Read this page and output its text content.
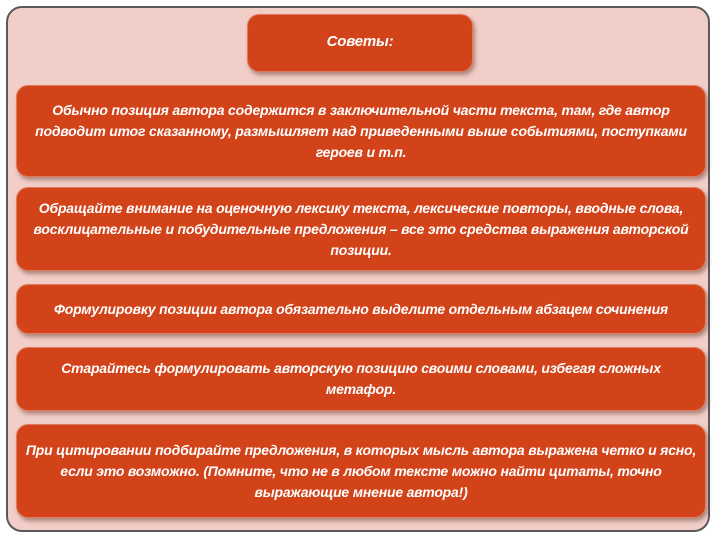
Советы:
Обычно позиция автора содержится в заключительной части текста, там, где автор подводит итог сказанному, размышляет над приведенными выше событиями, поступками героев и т.п.
Обращайте внимание на оценочную лексику текста, лексические повторы, вводные слова, восклицательные и побудительные предложения – все это средства выражения авторской позиции.
Формулировку позиции автора обязательно выделите отдельным абзацем сочинения
Старайтесь формулировать авторскую позицию своими словами, избегая сложных метафор.
При цитировании подбирайте предложения, в которых мысль автора выражена четко и ясно, если это возможно. (Помните, что не в любом тексте можно найти цитаты, точно выражающие мнение автора!)
